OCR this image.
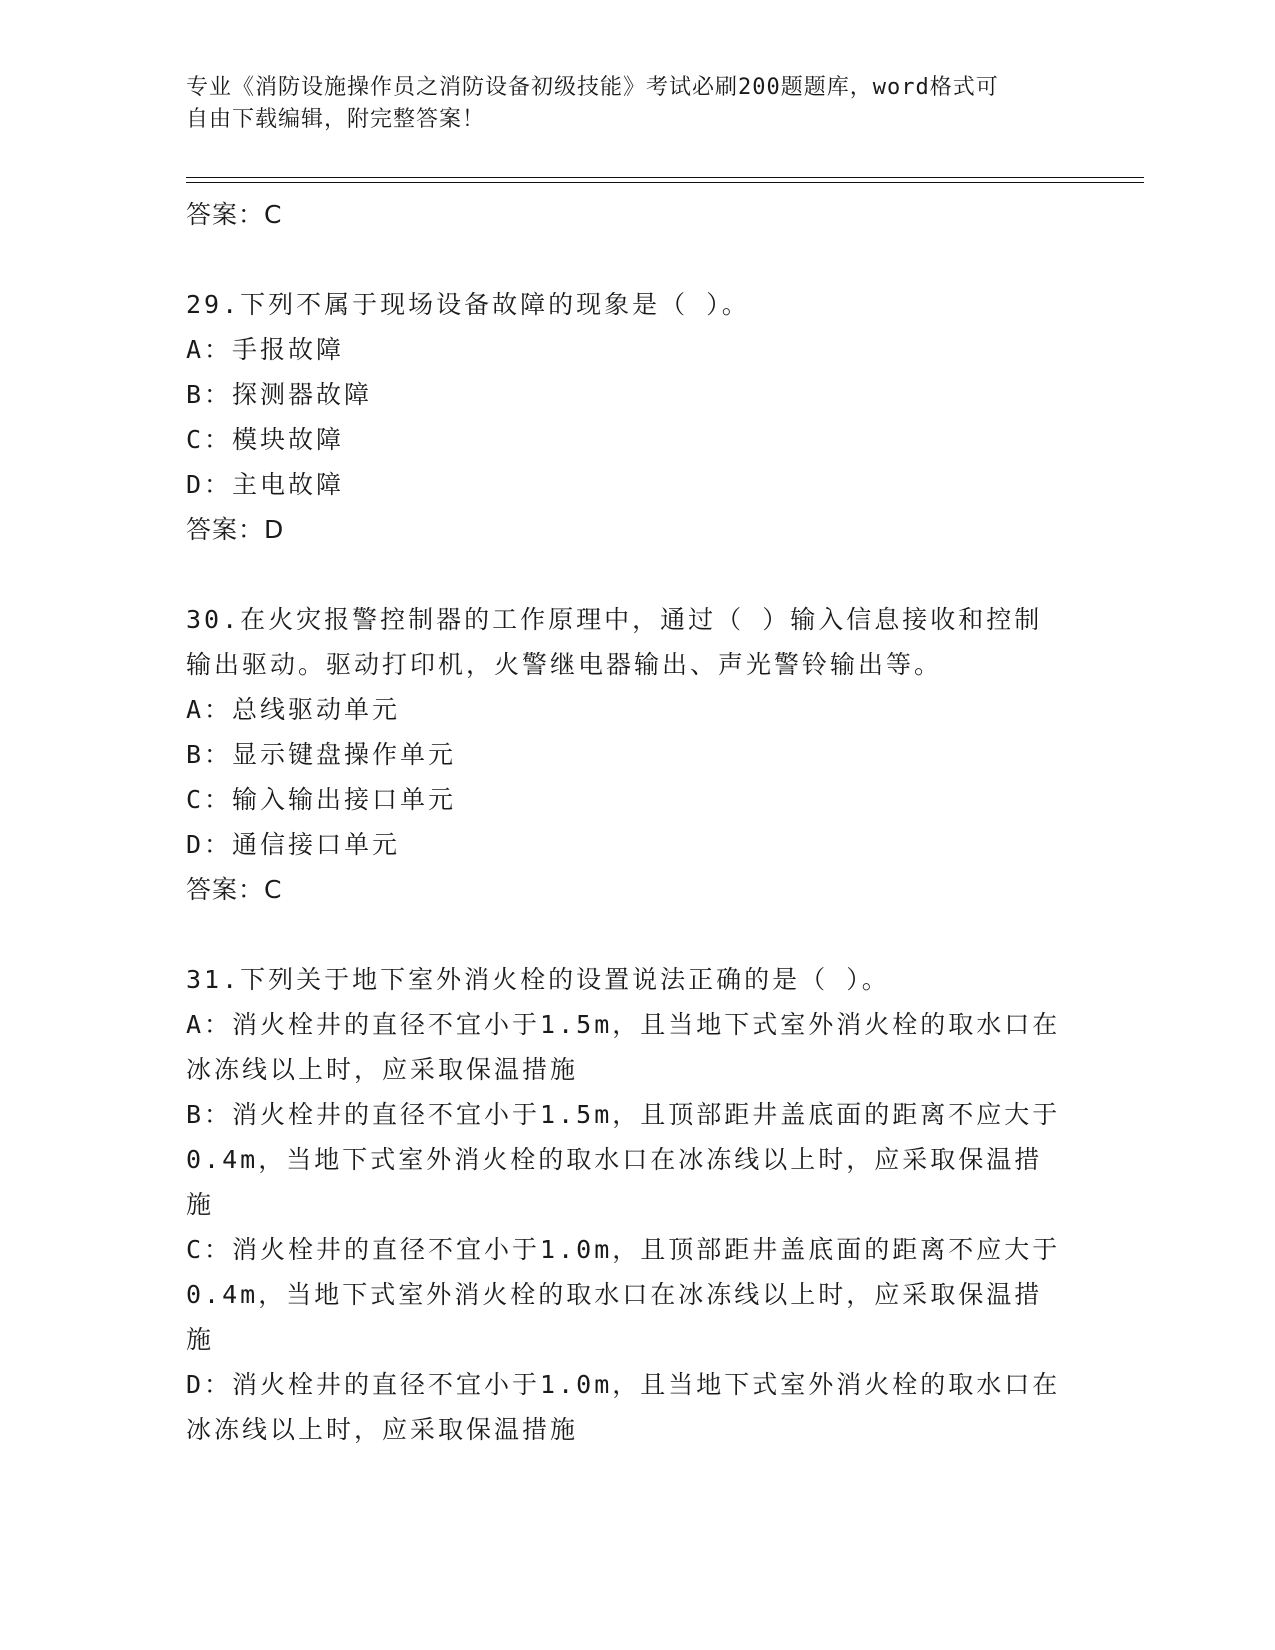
专业《消防设施操作员之消防设备初级技能》考试必刷200题题库，word格式可
自由下载编辑，附完整答案！
答案：C
29.下列不属于现场设备故障的现象是（ ）。
A：手报故障
B：探测器故障
C：模块故障
D：主电故障
答案：D
30.在火灾报警控制器的工作原理中，通过（ ）输入信息接收和控制
输出驱动。驱动打印机，火警继电器输出、声光警铃输出等。
A：总线驱动单元
B：显示键盘操作单元
C：输入输出接口单元
D：通信接口单元
答案：C
31.下列关于地下室外消火栓的设置说法正确的是（ ）。
A：消火栓井的直径不宜小于1.5m，且当地下式室外消火栓的取水口在
冰冻线以上时，应采取保温措施
B：消火栓井的直径不宜小于1.5m，且顶部距井盖底面的距离不应大于
0.4m，当地下式室外消火栓的取水口在冰冻线以上时，应采取保温措
施
C：消火栓井的直径不宜小于1.0m，且顶部距井盖底面的距离不应大于
0.4m，当地下式室外消火栓的取水口在冰冻线以上时，应采取保温措
施
D：消火栓井的直径不宜小于1.0m，且当地下式室外消火栓的取水口在
冰冻线以上时，应采取保温措施
